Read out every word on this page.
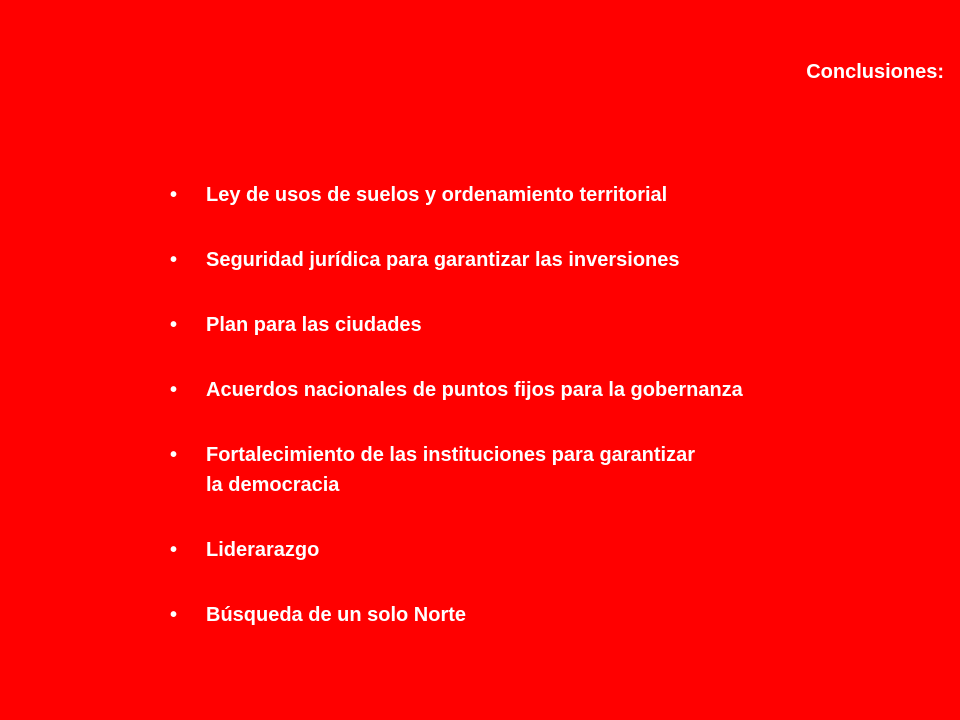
Conclusiones:
• Ley de usos de suelos y ordenamiento territorial
• Seguridad jurídica para garantizar las inversiones
• Plan para las ciudades
• Acuerdos nacionales de puntos fijos para la gobernanza
• Fortalecimiento de las instituciones para garantizar
la democracia
• Liderarazgo
• Búsqueda de un solo Norte
